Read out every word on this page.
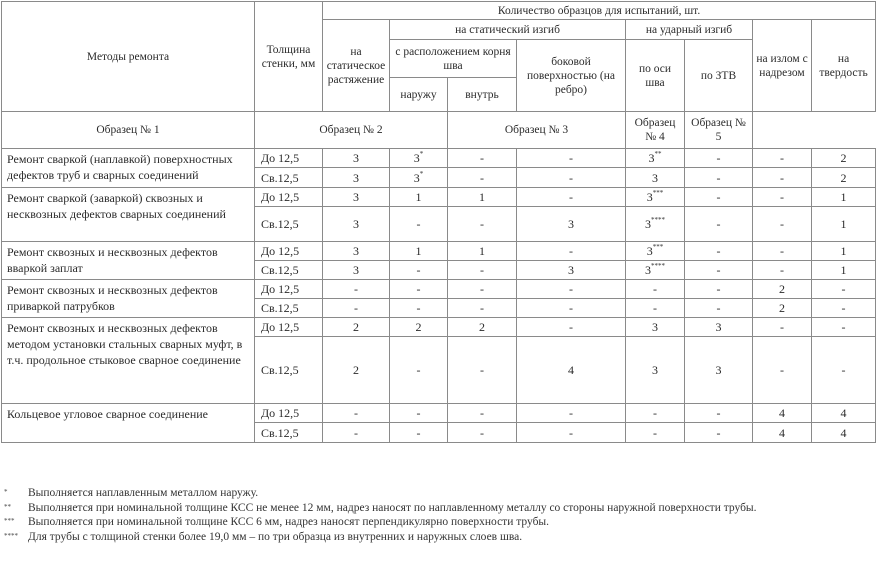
Методы ремонта	Толщина стенки, мм	Количество образцов для испытаний, шт.							
		на статическое растяжение	на статический изгиб			на ударный изгиб		на излом с надрезом	на твердость
			с расположением корня шва		боковой поверхностью (на ребро)	по оси шва	по ЗТВ		
			наружу	внутрь					
Образец № 1	Образец № 2			Образец № 3		Образец № 4	Образец № 5		
Ремонт сваркой (наплавкой) поверхностных дефектов труб и сварных соединений	До 12,5	3	3*	-	-	3**	-	-	2
	Св.12,5	3	3*	-	-	3	-	-	2
Ремонт сваркой (заваркой) сквозных и несквозных дефектов сварных соединений	До 12,5	3	1	1	-	3***	-	-	1
	Св.12,5	3	-	-	3	3****	-	-	1
Ремонт сквозных и несквозных дефектов вваркой заплат	До 12,5	3	1	1	-	3***	-	-	1
	Св.12,5	3	-	-	3	3****	-	-	1
Ремонт сквозных и несквозных дефектов приваркой патрубков	До 12,5	-	-	-	-	-	-	2	-
	Св.12,5	-	-	-	-	-	-	2	-
Ремонт сквозных и несквозных дефектов методом установки стальных сварных муфт, в т.ч. продольное стыковое сварное соединение	До 12,5	2	2	2	-	3	3	-	-
	Св.12,5	2	-	-	4	3	3	-	-
Кольцевое угловое сварное соединение	До 12,5	-	-	-	-	-	-	4	4
	Св.12,5	-	-	-	-	-	-	4	4
* Выполняется наплавленным металлом наружу.
** Выполняется при номинальной толщине КСС не менее 12 мм, надрез наносят по наплавленному металлу со стороны наружной поверхности трубы.
*** Выполняется при номинальной толщине КСС 6 мм, надрез наносят перпендикулярно поверхности трубы.
**** Для трубы с толщиной стенки более 19,0 мм – по три образца из внутренних и наружных слоев шва.
